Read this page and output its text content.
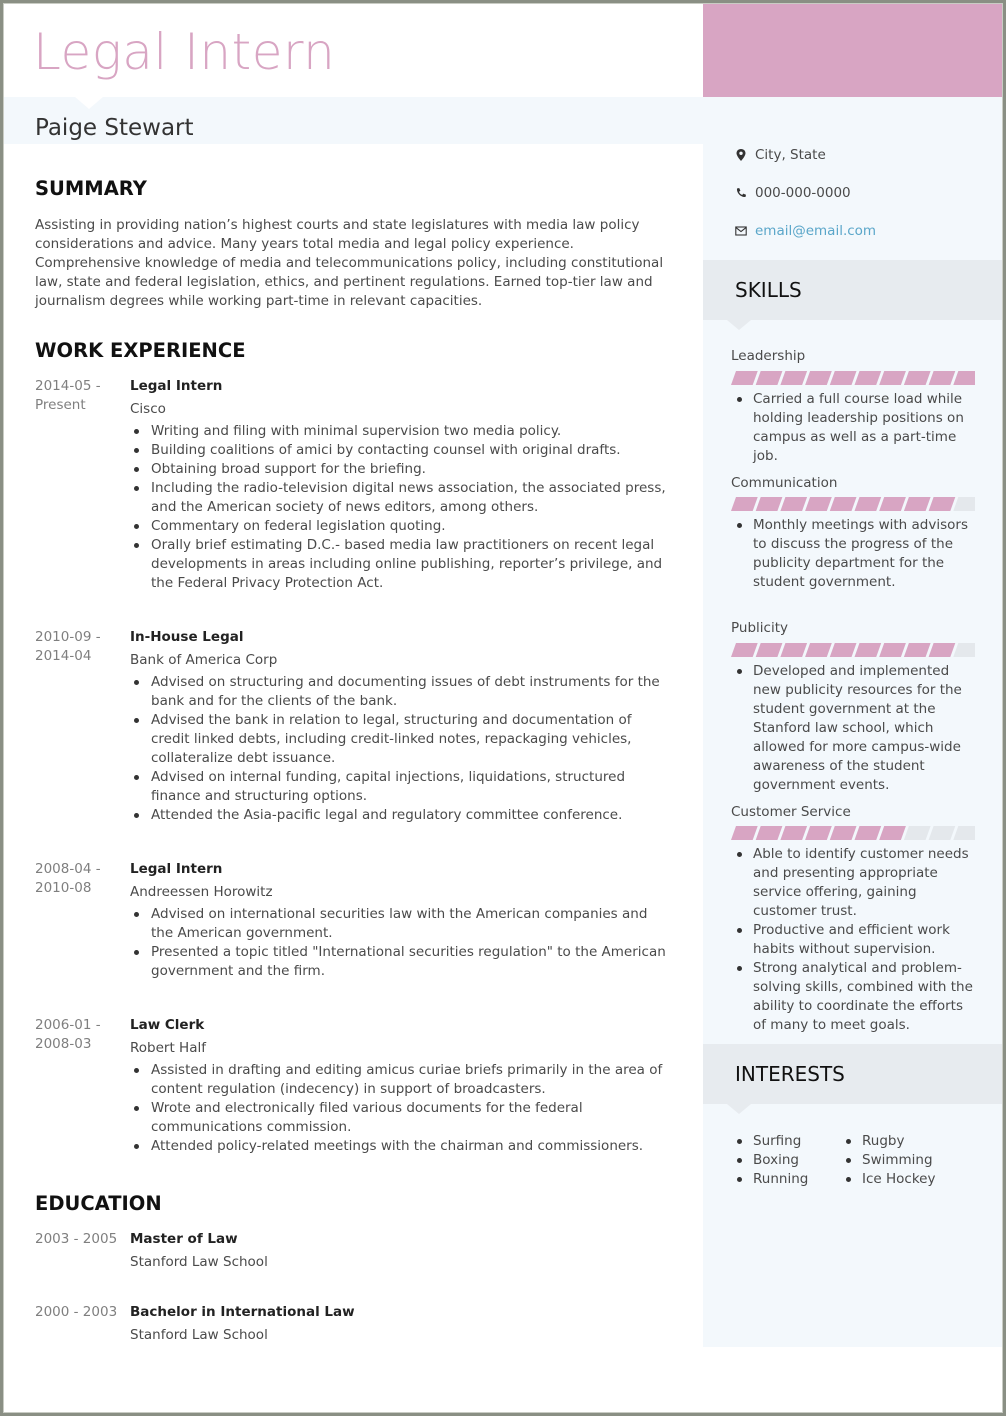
Legal Intern
Paige Stewart
City, State
000-000-0000
email@email.com
SKILLS
Leadership
Carried a full course load while holding leadership positions on campus as well as a part-time job.
Communication
Monthly meetings with advisors to discuss the progress of the publicity department for the student government.
Publicity
Developed and implemented new publicity resources for the student government at the Stanford law school, which allowed for more campus-wide awareness of the student government events.
Customer Service
Able to identify customer needs and presenting appropriate service offering, gaining customer trust.
Productive and efficient work habits without supervision.
Strong analytical and problem-solving skills, combined with the ability to coordinate the efforts of many to meet goals.
INTERESTS
Surfing
Boxing
Running
Rugby
Swimming
Ice Hockey
SUMMARY
Assisting in providing nation’s highest courts and state legislatures with media law policy considerations and advice. Many years total media and legal policy experience. Comprehensive knowledge of media and telecommunications policy, including constitutional law, state and federal legislation, ethics, and pertinent regulations. Earned top-tier law and journalism degrees while working part-time in relevant capacities.
WORK EXPERIENCE
2014-05 -
Present
Legal Intern
Cisco
Writing and filing with minimal supervision two media policy.
Building coalitions of amici by contacting counsel with original drafts.
Obtaining broad support for the briefing.
Including the radio-television digital news association, the associated press, and the American society of news editors, among others.
Commentary on federal legislation quoting.
Orally brief estimating D.C.- based media law practitioners on recent legal developments in areas including online publishing, reporter’s privilege, and the Federal Privacy Protection Act.
2010-09 -
2014-04
In-House Legal
Bank of America Corp
Advised on structuring and documenting issues of debt instruments for the bank and for the clients of the bank.
Advised the bank in relation to legal, structuring and documentation of credit linked debts, including credit-linked notes, repackaging vehicles, collateralize debt issuance.
Advised on internal funding, capital injections, liquidations, structured finance and structuring options.
Attended the Asia-pacific legal and regulatory committee conference.
2008-04 -
2010-08
Legal Intern
Andreessen Horowitz
Advised on international securities law with the American companies and the American government.
Presented a topic titled "International securities regulation" to the American government and the firm.
2006-01 -
2008-03
Law Clerk
Robert Half
Assisted in drafting and editing amicus curiae briefs primarily in the area of content regulation (indecency) in support of broadcasters.
Wrote and electronically filed various documents for the federal communications commission.
Attended policy-related meetings with the chairman and commissioners.
EDUCATION
2003 - 2005 Master of Law
Stanford Law School
2000 - 2003 Bachelor in International Law
Stanford Law School
